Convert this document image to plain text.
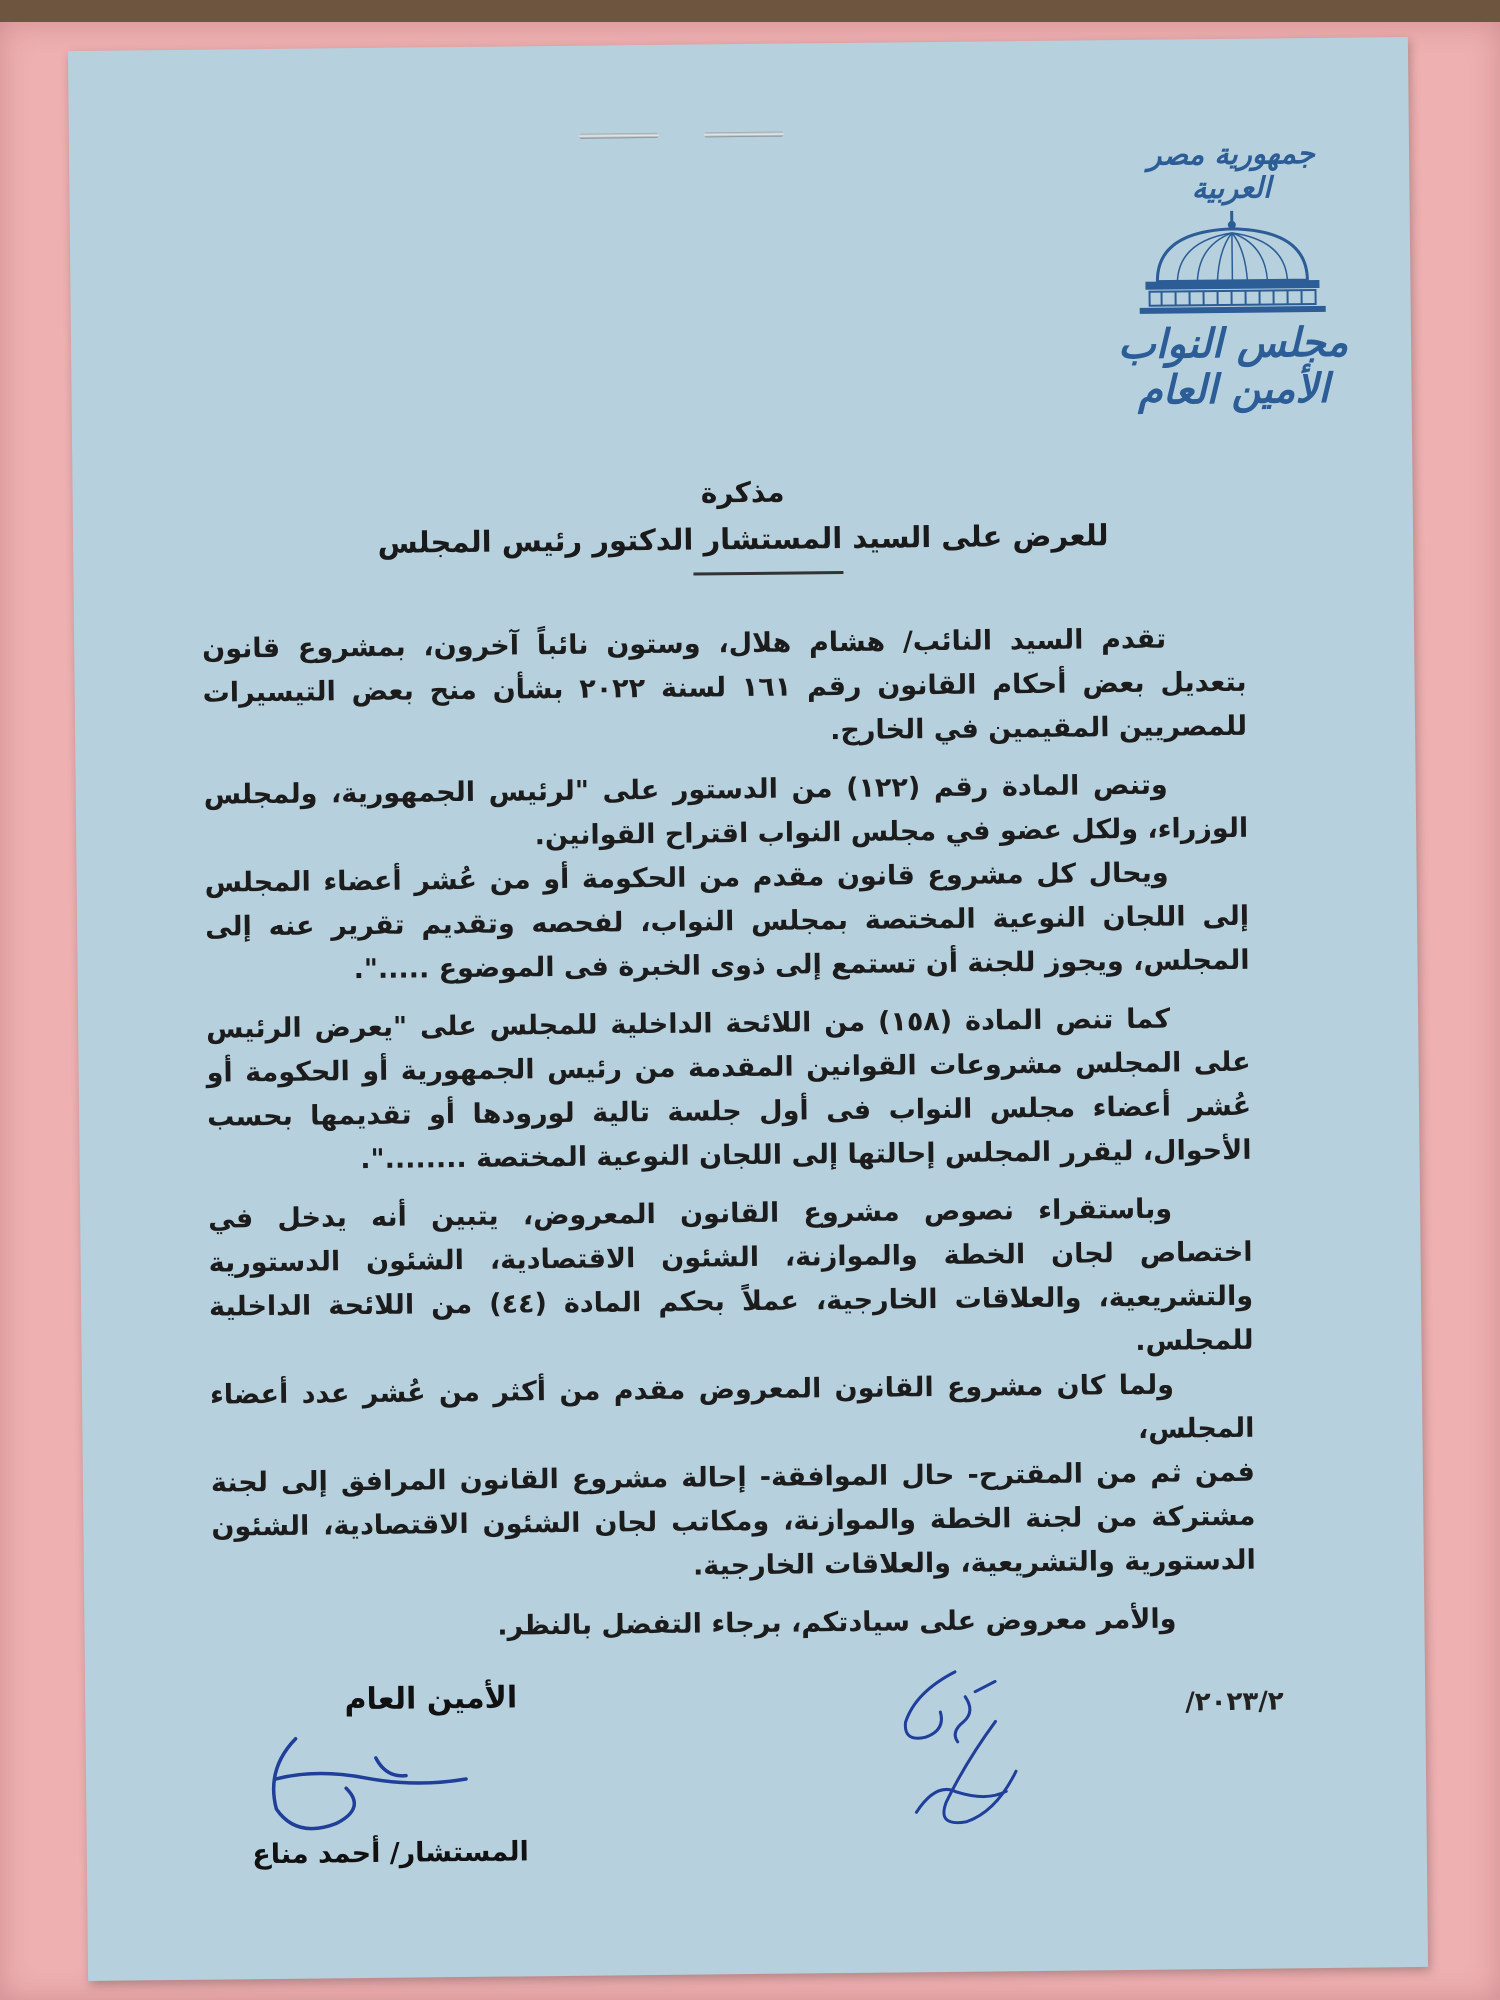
جمهورية مصر العربية
مجلس النواب
الأمين العام
مذكرة
للعرض على السيد المستشار الدكتور رئيس المجلس

تقدم السيد النائب/ هشام هلال، وستون نائباً آخرون، بمشروع قانون بتعديل بعض أحكام القانون رقم ١٦١ لسنة ٢٠٢٢ بشأن منح بعض التيسيرات للمصريين المقيمين في الخارج.

وتنص المادة رقم (١٢٢) من الدستور على "لرئيس الجمهورية، ولمجلس الوزراء، ولكل عضو في مجلس النواب اقتراح القوانين.

ويحال كل مشروع قانون مقدم من الحكومة أو من عُشر أعضاء المجلس إلى اللجان النوعية المختصة بمجلس النواب، لفحصه وتقديم تقرير عنه إلى المجلس، ويجوز للجنة أن تستمع إلى ذوى الخبرة فى الموضوع .....".

كما تنص المادة (١٥٨) من اللائحة الداخلية للمجلس على "يعرض الرئيس على المجلس مشروعات القوانين المقدمة من رئيس الجمهورية أو الحكومة أو عُشر أعضاء مجلس النواب فى أول جلسة تالية لورودها أو تقديمها بحسب الأحوال، ليقرر المجلس إحالتها إلى اللجان النوعية المختصة ........".

وباستقراء نصوص مشروع القانون المعروض، يتبين أنه يدخل في اختصاص لجان الخطة والموازنة، الشئون الاقتصادية، الشئون الدستورية والتشريعية، والعلاقات الخارجية، عملاً بحكم المادة (٤٤) من اللائحة الداخلية للمجلس.

ولما كان مشروع القانون المعروض مقدم من أكثر من عُشر عدد أعضاء المجلس،

فمن ثم من المقترح- حال الموافقة- إحالة مشروع القانون المرافق إلى لجنة مشتركة من لجنة الخطة والموازنة، ومكاتب لجان الشئون الاقتصادية، الشئون الدستورية والتشريعية، والعلاقات الخارجية.

والأمر معروض على سيادتكم، برجاء التفضل بالنظر.

٢٠٢٣/٢/
الأمين العام
المستشار/ أحمد مناع
